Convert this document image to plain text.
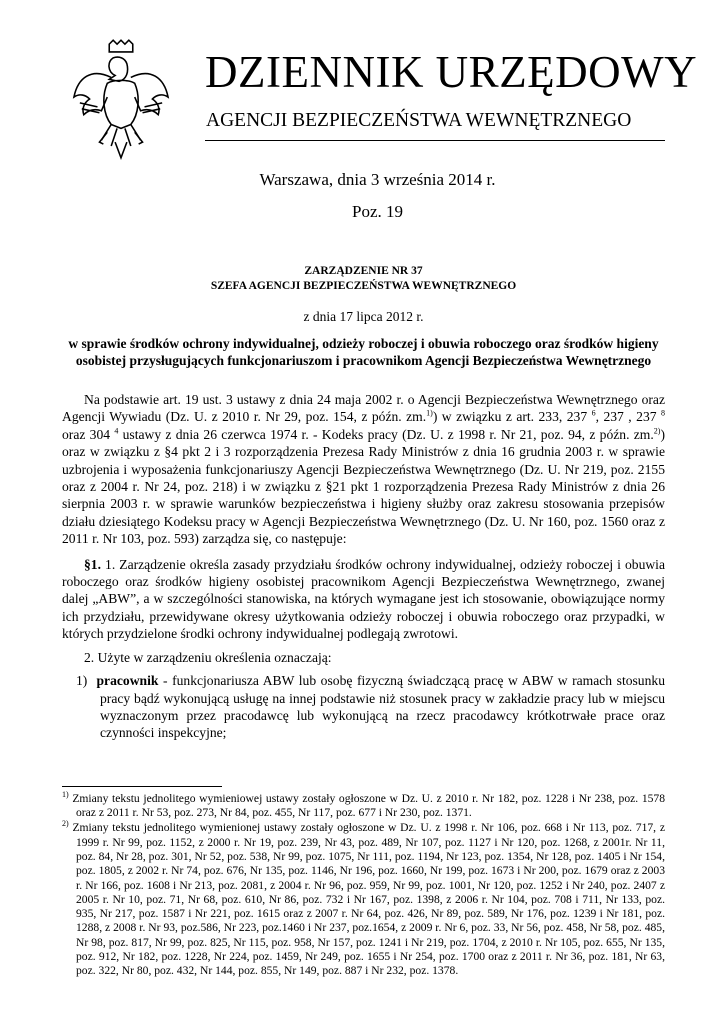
DZIENNIK URZĘDOWY
AGENCJI BEZPIECZEŃSTWA WEWNĘTRZNEGO
Warszawa, dnia 3 września 2014 r.
Poz. 19
ZARZĄDZENIE NR 37
SZEFA AGENCJI BEZPIECZEŃSTWA WEWNĘTRZNEGO
z dnia 17 lipca 2012 r.
w sprawie środków ochrony indywidualnej, odzieży roboczej i obuwia roboczego oraz środków higieny osobistej przysługujących funkcjonariuszom i pracownikom Agencji Bezpieczeństwa Wewnętrznego
Na podstawie art. 19 ust. 3 ustawy z dnia 24 maja 2002 r. o Agencji Bezpieczeństwa Wewnętrznego oraz Agencji Wywiadu (Dz. U. z 2010 r. Nr 29, poz. 154, z późn. zm.$^{1)}$) w związku z art. 233, 237 $^6$, 237 , 237 $^8$ oraz 304 $^4$ ustawy z dnia 26 czerwca 1974 r. - Kodeks pracy (Dz. U. z 1998 r. Nr 21, poz. 94, z późn. zm.$^{2)}$) oraz w związku z §4 pkt 2 i 3 rozporządzenia Prezesa Rady Ministrów z dnia 16 grudnia 2003 r. w sprawie uzbrojenia i wyposażenia funkcjonariuszy Agencji Bezpieczeństwa Wewnętrznego (Dz. U. Nr 219, poz. 2155 oraz z 2004 r. Nr 24, poz. 218) i w związku z §21 pkt 1 rozporządzenia Prezesa Rady Ministrów z dnia 26 sierpnia 2003 r. w sprawie warunków bezpieczeństwa i higieny służby oraz zakresu stosowania przepisów działu dziesiątego Kodeksu pracy w Agencji Bezpieczeństwa Wewnętrznego (Dz. U. Nr 160, poz. 1560 oraz z 2011 r. Nr 103, poz. 593) zarządza się, co następuje:
§1. 1. Zarządzenie określa zasady przydziału środków ochrony indywidualnej, odzieży roboczej i obuwia roboczego oraz środków higieny osobistej pracownikom Agencji Bezpieczeństwa Wewnętrznego, zwanej dalej „ABW”, a w szczególności stanowiska, na których wymagane jest ich stosowanie, obowiązujące normy ich przydziału, przewidywane okresy użytkowania odzieży roboczej i obuwia roboczego oraz przypadki, w których przydzielone środki ochrony indywidualnej podlegają zwrotowi.
2. Użyte w zarządzeniu określenia oznaczają:
1) pracownik - funkcjonariusza ABW lub osobę fizyczną świadczącą pracę w ABW w ramach stosunku pracy bądź wykonującą usługę na innej podstawie niż stosunek pracy w zakładzie pracy lub w miejscu wyznaczonym przez pracodawcę lub wykonującą na rzecz pracodawcy krótkotrwałe prace oraz czynności inspekcyjne;
$^{1)}$ Zmiany tekstu jednolitego wymieniowej ustawy zostały ogłoszone w Dz. U. z 2010 r. Nr 182, poz. 1228 i Nr 238, poz. 1578 oraz z 2011 r. Nr 53, poz. 273, Nr 84, poz. 455, Nr 117, poz. 677 i Nr 230, poz. 1371.
$^{2)}$ Zmiany tekstu jednolitego wymienionej ustawy zostały ogłoszone w Dz. U. z 1998 r. Nr 106, poz. 668 i Nr 113, poz. 717, z 1999 r. Nr 99, poz. 1152, z 2000 r. Nr 19, poz. 239, Nr 43, poz. 489, Nr 107, poz. 1127 i Nr 120, poz. 1268, z 2001r. Nr 11, poz. 84, Nr 28, poz. 301, Nr 52, poz. 538, Nr 99, poz. 1075, Nr 111, poz. 1194, Nr 123, poz. 1354, Nr 128, poz. 1405 i Nr 154, poz. 1805, z 2002 r. Nr 74, poz. 676, Nr 135, poz. 1146, Nr 196, poz. 1660, Nr 199, poz. 1673 i Nr 200, poz. 1679 oraz z 2003 r. Nr 166, poz. 1608 i Nr 213, poz. 2081, z 2004 r. Nr 96, poz. 959, Nr 99, poz. 1001, Nr 120, poz. 1252 i Nr 240, poz. 2407 z 2005 r. Nr 10, poz. 71, Nr 68, poz. 610, Nr 86, poz. 732 i Nr 167, poz. 1398, z 2006 r. Nr 104, poz. 708 i 711, Nr 133, poz. 935, Nr 217, poz. 1587 i Nr 221, poz. 1615 oraz z 2007 r. Nr 64, poz. 426, Nr 89, poz. 589, Nr 176, poz. 1239 i Nr 181, poz. 1288, z 2008 r. Nr 93, poz.586, Nr 223, poz.1460 i Nr 237, poz.1654, z 2009 r. Nr 6, poz. 33, Nr 56, poz. 458, Nr 58, poz. 485, Nr 98, poz. 817, Nr 99, poz. 825, Nr 115, poz. 958, Nr 157, poz. 1241 i Nr 219, poz. 1704, z 2010 r. Nr 105, poz. 655, Nr 135, poz. 912, Nr 182, poz. 1228, Nr 224, poz. 1459, Nr 249, poz. 1655 i Nr 254, poz. 1700 oraz z 2011 r. Nr 36, poz. 181, Nr 63, poz. 322, Nr 80, poz. 432, Nr 144, poz. 855, Nr 149, poz. 887 i Nr 232, poz. 1378.
